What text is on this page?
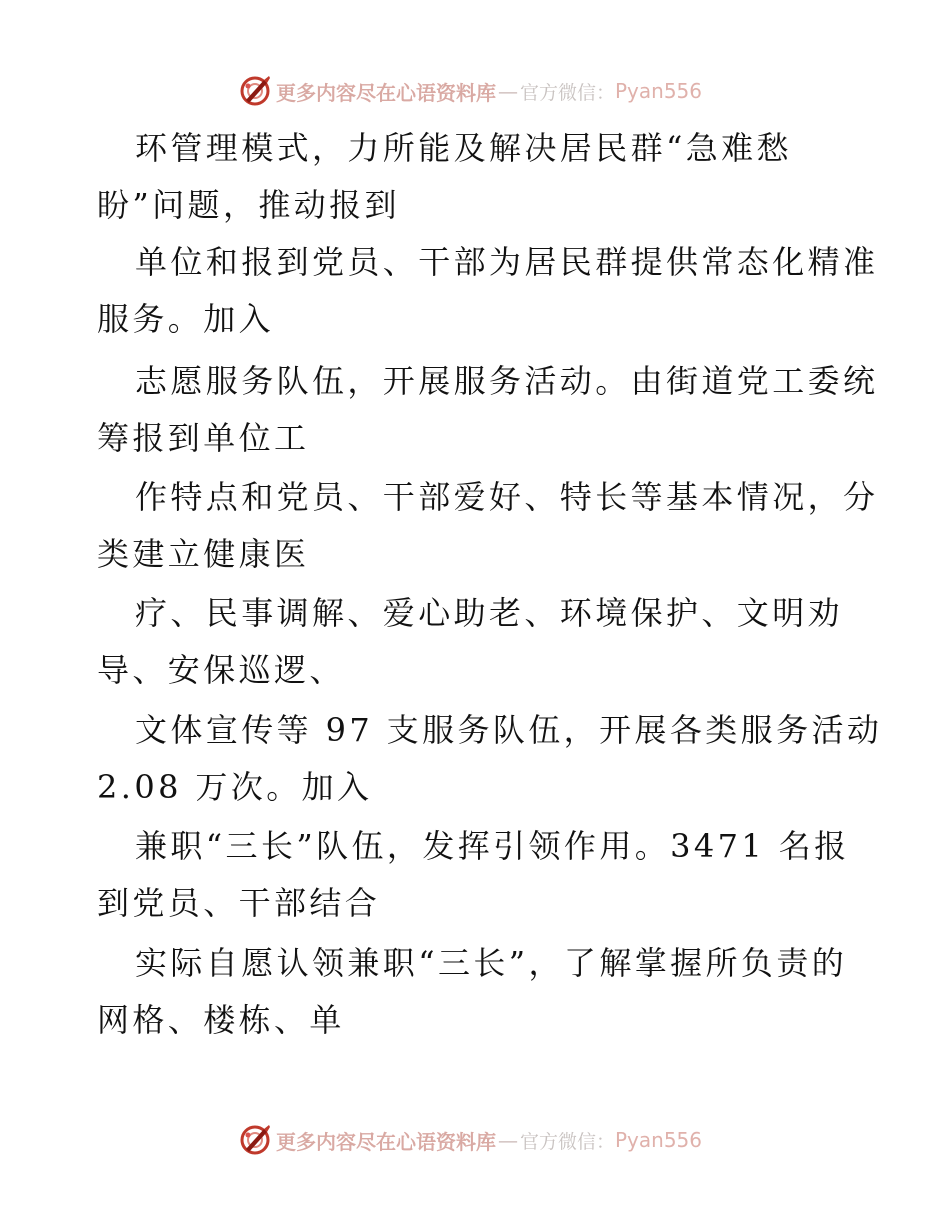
更多内容尽在心语资料库 — 官方微信： Pyan556
环管理模式，力所能及解决居民群“急难愁
盼”问题，推动报到
单位和报到党员、干部为居民群提供常态化精准
服务。加入
志愿服务队伍，开展服务活动。由街道党工委统
筹报到单位工
作特点和党员、干部爱好、特长等基本情况，分
类建立健康医
疗、民事调解、爱心助老、环境保护、文明劝
导、安保巡逻、
文体宣传等 97 支服务队伍，开展各类服务活动
2.08 万次。加入
兼职“三长”队伍，发挥引领作用。3471 名报
到党员、干部结合
实际自愿认领兼职“三长”，了解掌握所负责的
网格、楼栋、单
更多内容尽在心语资料库 — 官方微信： Pyan556
